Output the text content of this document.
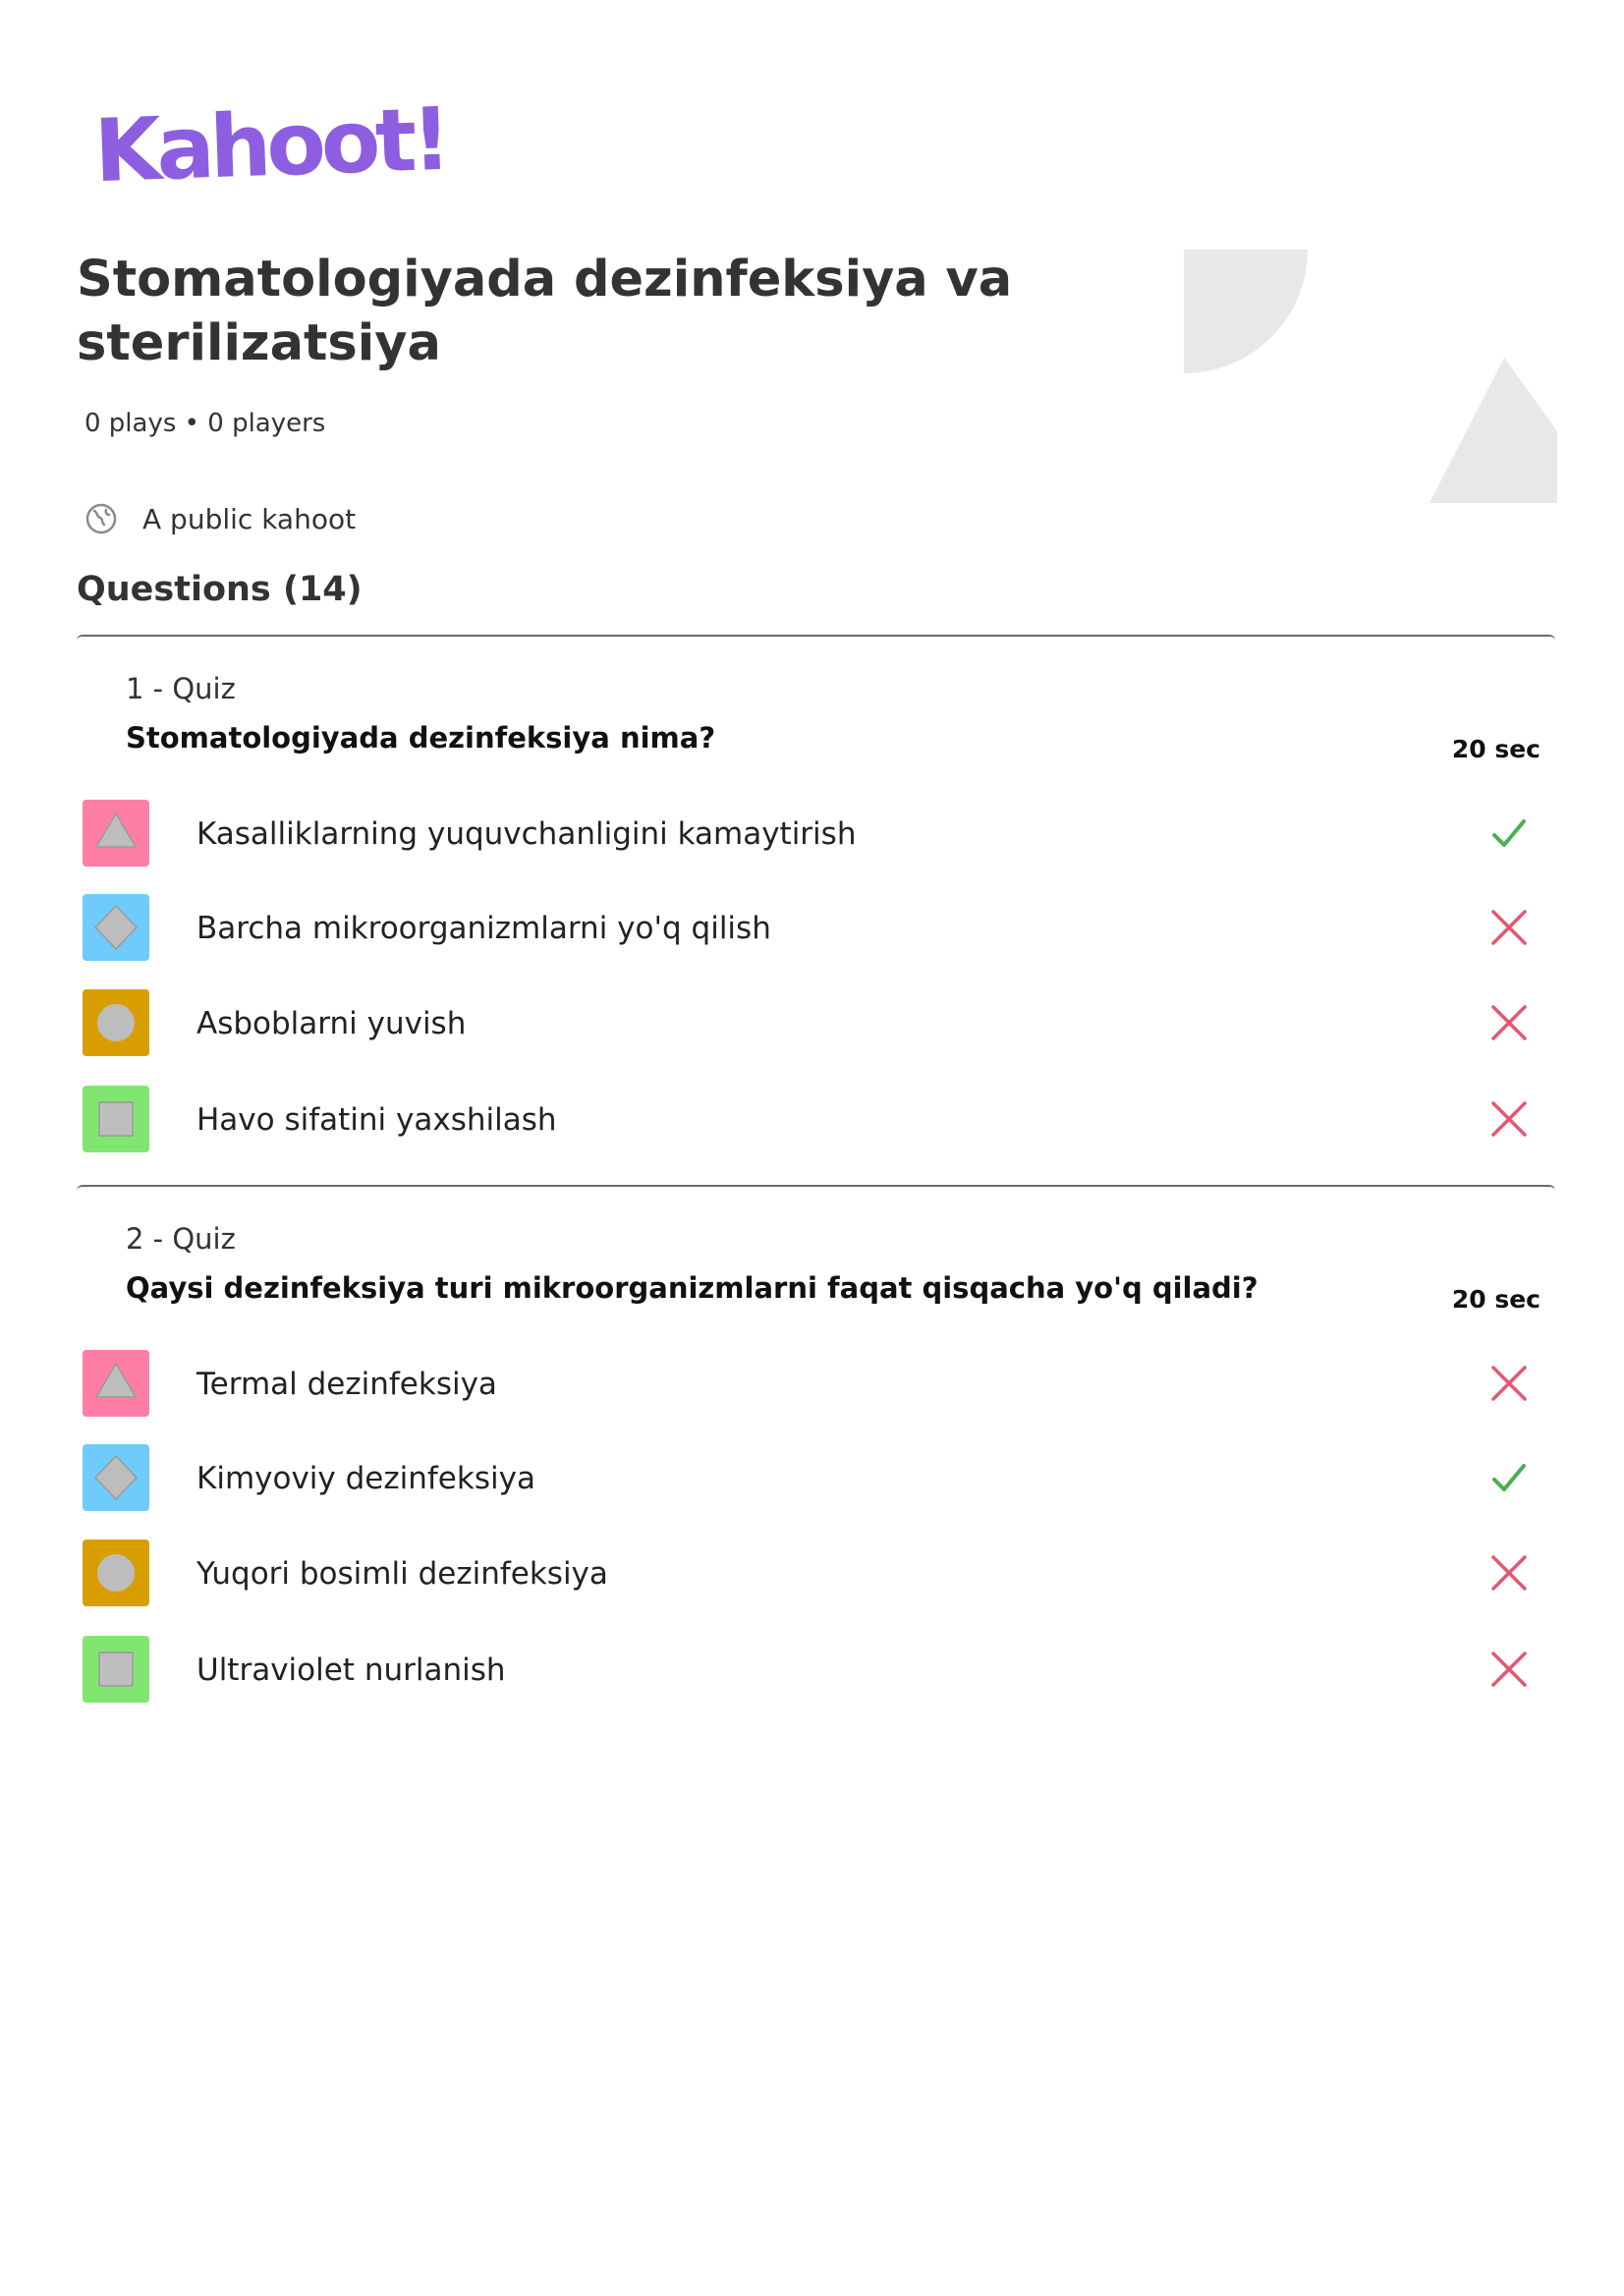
Kahoot!
Stomatologiyada dezinfeksiya va sterilizatsiya
0 plays • 0 players
A public kahoot
Questions (14)
1 - Quiz
Stomatologiyada dezinfeksiya nima?	20 sec
Kasalliklarning yuquvchanligini kamaytirish
Barcha mikroorganizmlarni yo'q qilish
Asboblarni yuvish
Havo sifatini yaxshilash
2 - Quiz
Qaysi dezinfeksiya turi mikroorganizmlarni faqat qisqacha yo'q qiladi?	20 sec
Termal dezinfeksiya
Kimyoviy dezinfeksiya
Yuqori bosimli dezinfeksiya
Ultraviolet nurlanish
